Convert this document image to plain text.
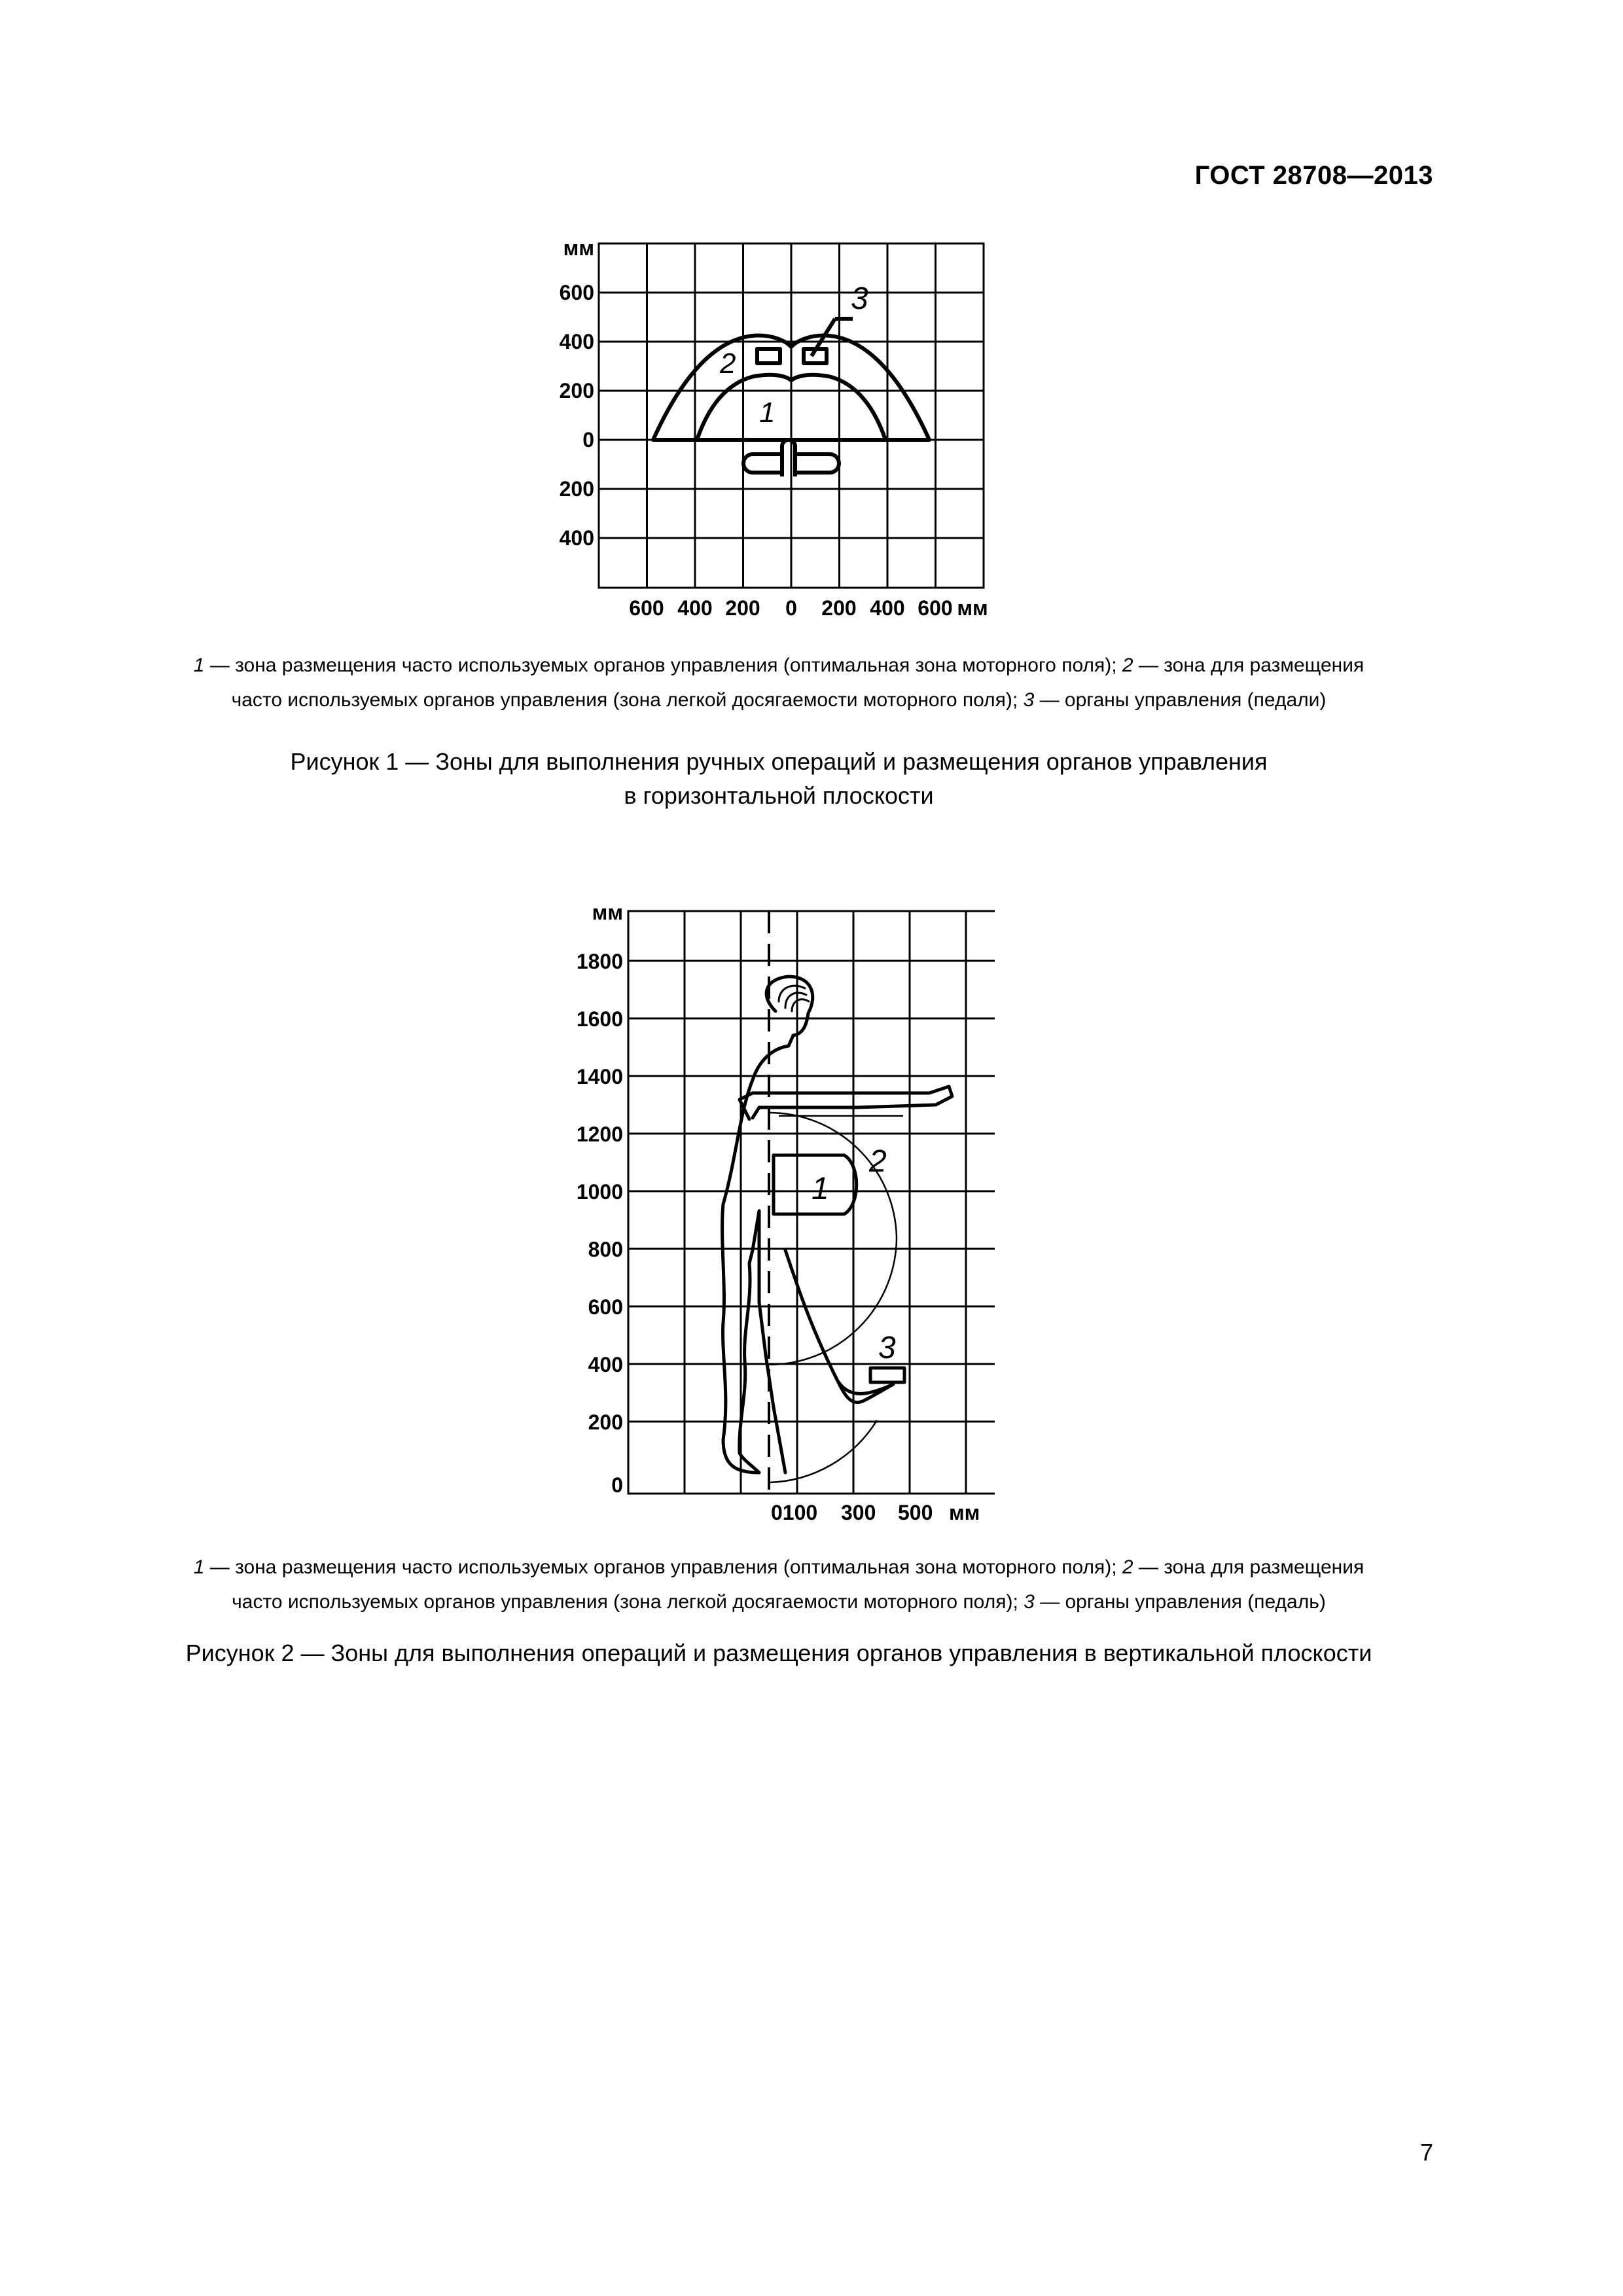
ГОСТ 28708—2013
2
1
3
мм
600
400
200
0
200
400
600 400 200 0 200 400 600 мм
1 — зона размещения часто используемых органов управления (оптимальная зона моторного поля); 2 — зона для размещения
часто используемых органов управления (зона легкой досягаемости моторного поля); 3 — органы управления (педали)
Рисунок 1 — Зоны для выполнения ручных операций и размещения органов управления
в горизонтальной плоскости
1
2
3
мм
1800
1600
1400
1200
1000
800
600
400
200
0
0100 300 500 мм
1 — зона размещения часто используемых органов управления (оптимальная зона моторного поля); 2 — зона для размещения
часто используемых органов управления (зона легкой досягаемости моторного поля); 3 — органы управления (педаль)
Рисунок 2 — Зоны для выполнения операций и размещения органов управления в вертикальной плоскости
7
